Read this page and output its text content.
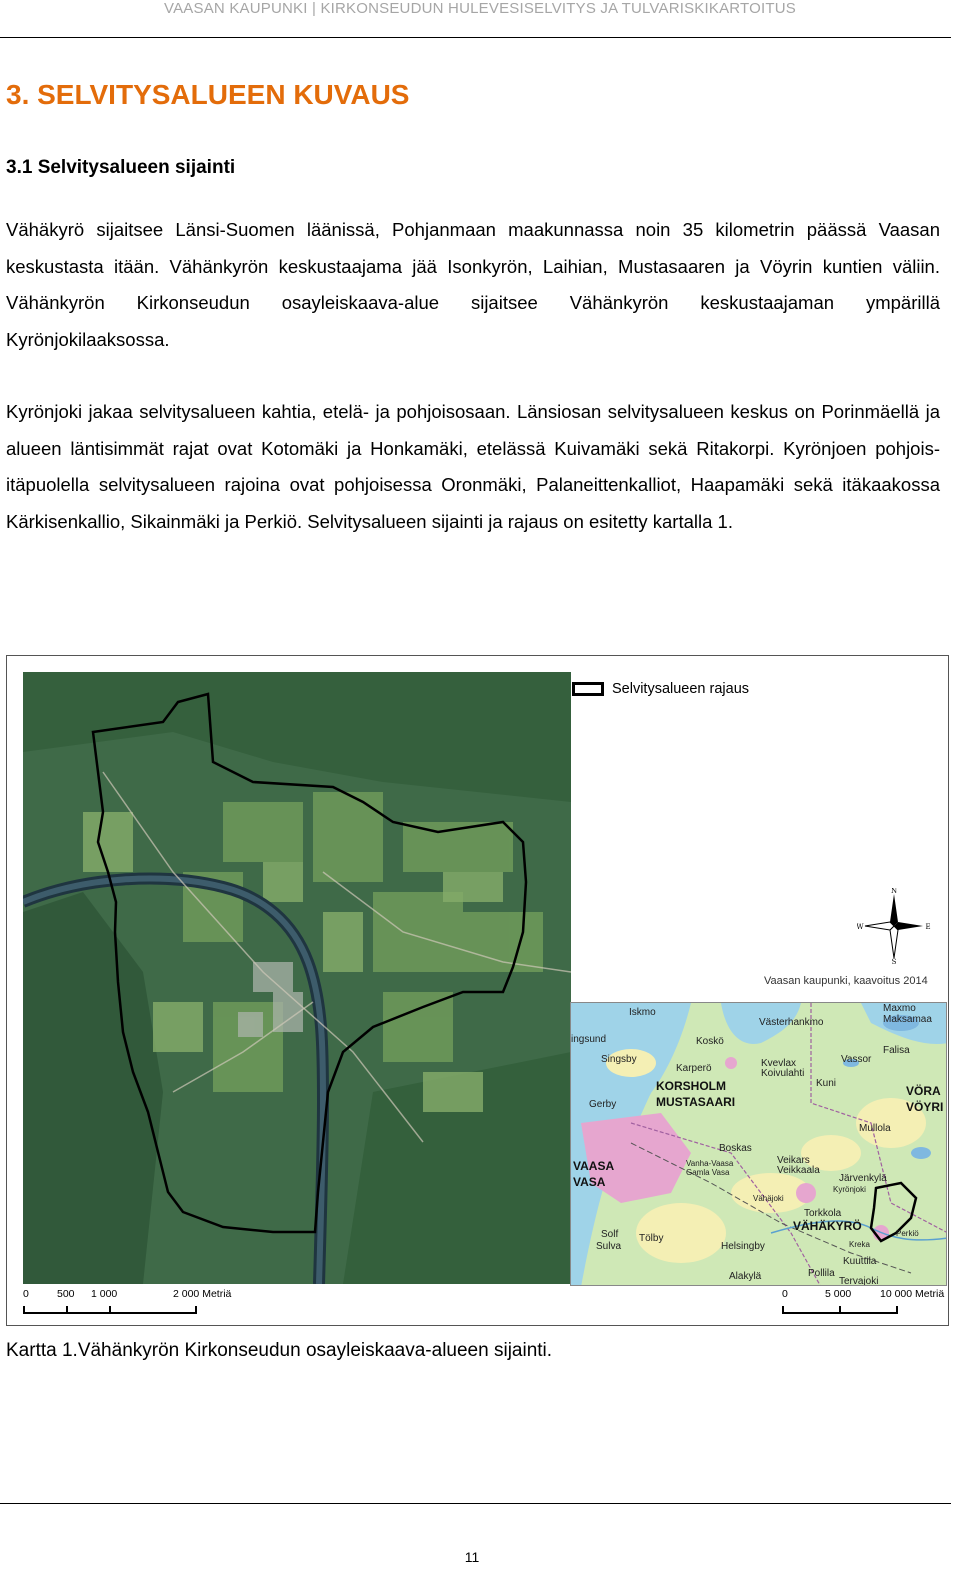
VAASAN KAUPUNKI | KIRKONSEUDUN HULEVESISELVITYS JA TULVARISKIKARTOITUS
3. SELVITYSALUEEN KUVAUS
3.1 Selvitysalueen sijainti

Vähäkyrö sijaitsee Länsi-Suomen läänissä, Pohjanmaan maakunnassa noin 35 kilometrin päässä Vaasan keskustasta itään. Vähänkyrön keskustaajama jää Isonkyrön, Laihian, Mustasaaren ja Vöyrin kuntien väliin. Vähänkyrön Kirkonseudun osayleiskaava-alue sijaitsee Vähänkyrön keskustaajaman ympärillä Kyrönjokilaaksossa.

Kyrönjoki jakaa selvitysalueen kahtia, etelä- ja pohjoisosaan. Länsiosan selvitysalueen keskus on Porinmäellä ja alueen läntisimmät rajat ovat Kotomäki ja Honkamäki, etelässä Kuivamäki sekä Ritakorpi. Kyrönjoen pohjois- itäpuolella selvitysalueen rajoina ovat pohjoisessa Oronmäki, Palaneittenkalliot, Haapamäki sekä itäkaakossa Kärkisenkallio, Sikainmäki ja Perkiö. Selvitysalueen sijainti ja rajaus on esitetty kartalla 1.

Selvitysalueen rajaus
N
S
W	E
Vaasan kaupunki, kaavoitus 2014
Iskmo
Västerhankmo
Maxmo
Maksamaa
ingsund	Koskö
Falisa
Singsby	Vassor
Karperö	Kvevlax
Koivulahti
Kuni
KORSHOLM
MUSTASAARI
VÖRA
VÖYRI
Gerby
Mullola
Boskas
VAASA
VASA
Vanha-Vaasa
Gamla Vasa
Veikars
Veikkaala
Järvenkylä
Kyrönjoki
Vähäjoki
Torkkola
VÄHÄKYRÖ
Solf
Sulva
Tölby
Kreka
Perkiö
Helsingby
Kuuttila
Pollila
Alakylä	Tervajoki
0	500 1 000	2 000 Metriä	0	5 000	10 000 Metriä

Kartta 1.Vähänkyrön Kirkonseudun osayleiskaava-alueen sijainti.

11
